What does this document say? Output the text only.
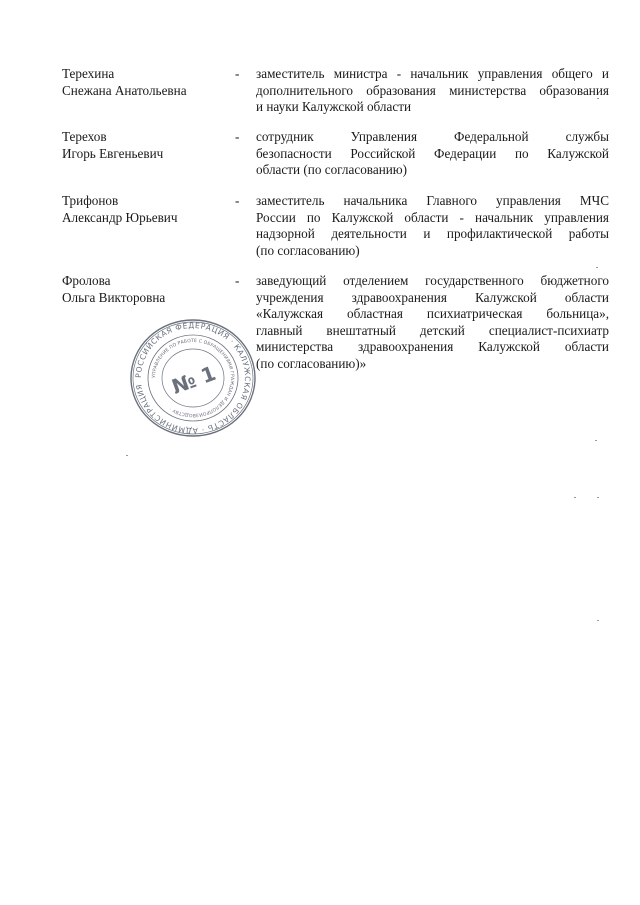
Терехина
Снежана Анатольевна
-	заместитель министра - начальник управления общего и
дополнительного образования министерства образования
и науки Калужской области
Терехов
Игорь Евгеньевич
-	сотрудник Управления Федеральной службы
безопасности Российской Федерации по Калужской
области (по согласованию)
Трифонов
Александр Юрьевич
-	заместитель начальника Главного управления МЧС
России по Калужской области - начальник управления
надзорной деятельности и профилактической работы
(по согласованию)
Фролова
Ольга Викторовна
-	заведующий отделением государственного бюджетного
учреждения здравоохранения Калужской области
«Калужская областная психиатрическая больница»,
главный внештатный детский специалист-психиатр
министерства здравоохранения Калужской области
(по согласованию)»
РОССИЙСКАЯ ФЕДЕРАЦИЯ · КАЛУЖСКАЯ ОБЛАСТЬ · АДМИНИСТРАЦИЯ
УПРАВЛЕНИЕ ПО РАБОТЕ С ОБРАЩЕНИЯМИ ГРАЖДАН И ДЕЛОПРОИЗВОДСТВУ ·
№ 1
